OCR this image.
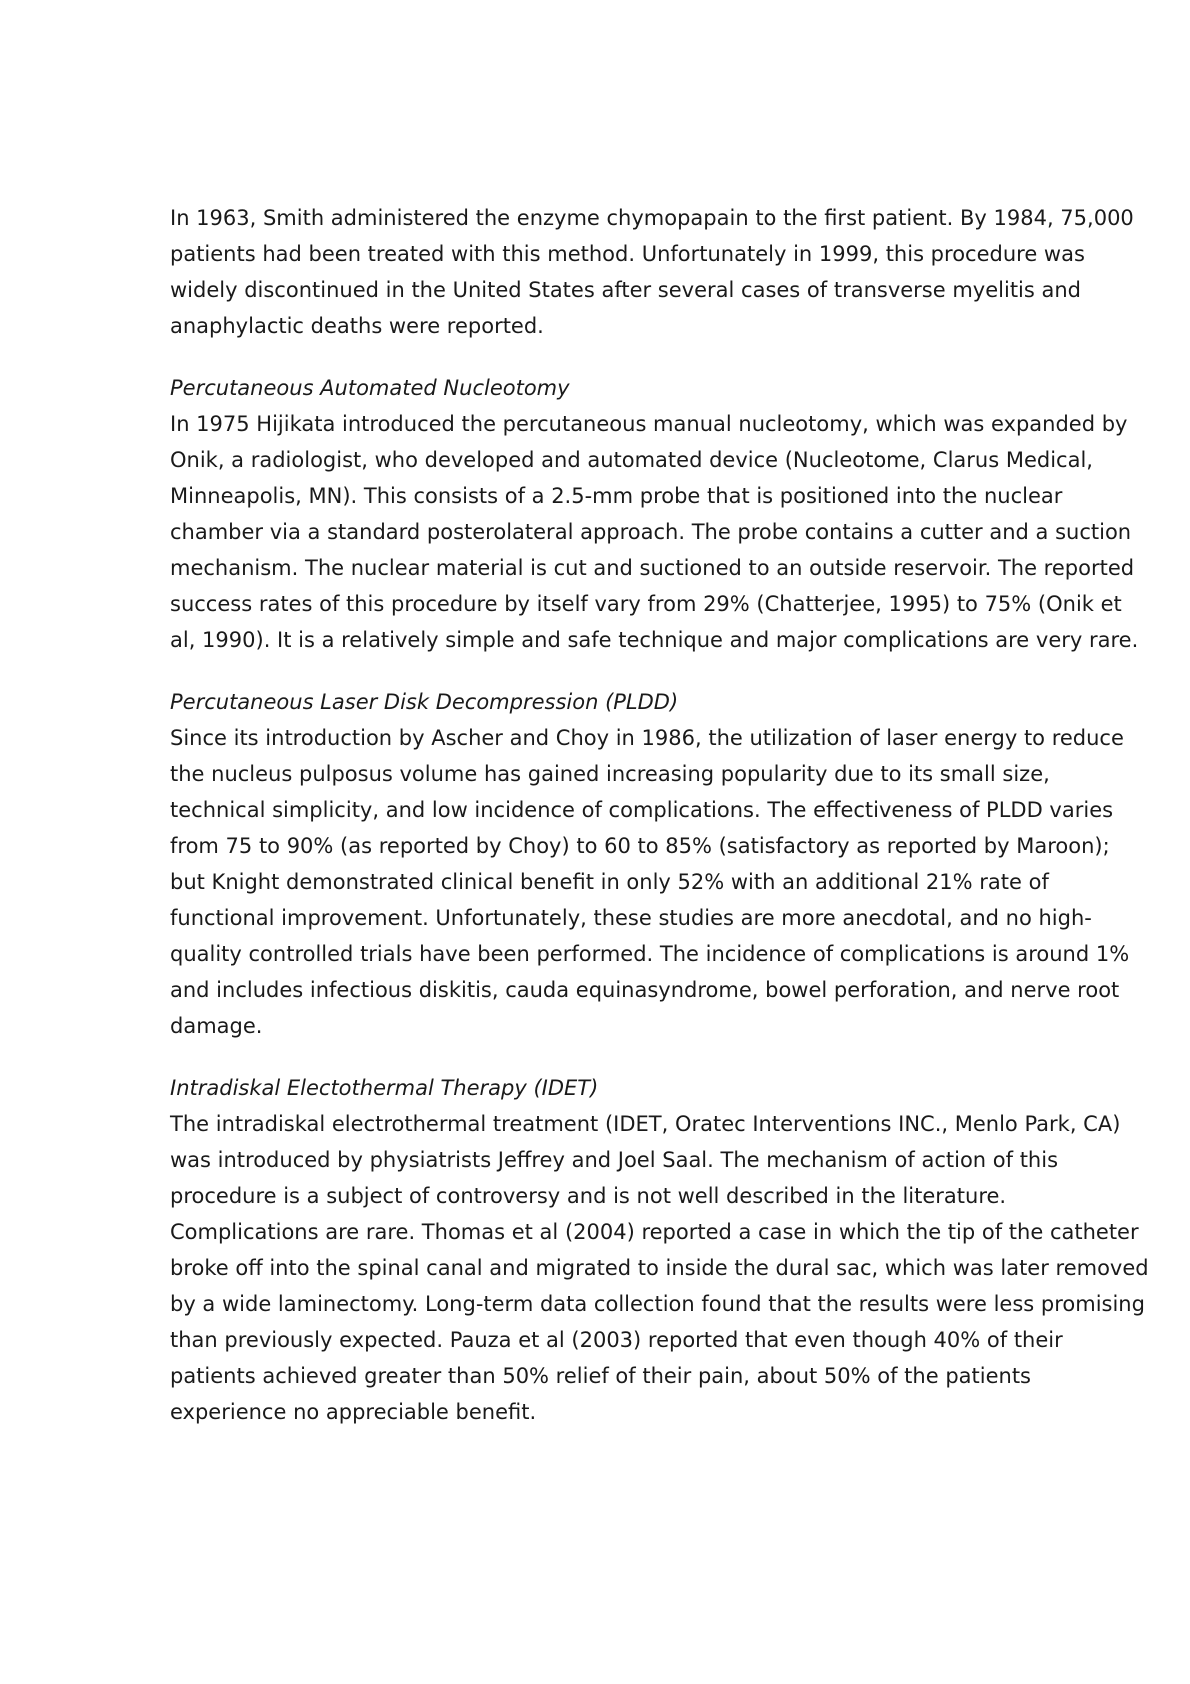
In 1963, Smith administered the enzyme chymopapain to the first patient. By 1984, 75,000 patients had been treated with this method. Unfortunately in 1999, this procedure was widely discontinued in the United States after several cases of transverse myelitis and anaphylactic deaths were reported.

Percutaneous Automated Nucleotomy

In 1975 Hijikata introduced the percutaneous manual nucleotomy, which was expanded by Onik, a radiologist, who developed and automated device (Nucleotome, Clarus Medical, Minneapolis, MN). This consists of a 2.5-mm probe that is positioned into the nuclear chamber via a standard posterolateral approach. The probe contains a cutter and a suction mechanism. The nuclear material is cut and suctioned to an outside reservoir. The reported success rates of this procedure by itself vary from 29% (Chatterjee, 1995) to 75% (Onik et al, 1990). It is a relatively simple and safe technique and major complications are very rare.

Percutaneous Laser Disk Decompression (PLDD)

Since its introduction by Ascher and Choy in 1986, the utilization of laser energy to reduce the nucleus pulposus volume has gained increasing popularity due to its small size, technical simplicity, and low incidence of complications. The effectiveness of PLDD varies from 75 to 90% (as reported by Choy) to 60 to 85% (satisfactory as reported by Maroon); but Knight demonstrated clinical benefit in only 52% with an additional 21% rate of functional improvement. Unfortunately, these studies are more anecdotal, and no high-quality controlled trials have been performed. The incidence of complications is around 1% and includes infectious diskitis, cauda equinasyndrome, bowel perforation, and nerve root damage.

Intradiskal Electothermal Therapy (IDET)

The intradiskal electrothermal treatment (IDET, Oratec Interventions INC., Menlo Park, CA) was introduced by physiatrists Jeffrey and Joel Saal. The mechanism of action of this procedure is a subject of controversy and is not well described in the literature. Complications are rare. Thomas et al (2004) reported a case in which the tip of the catheter broke off into the spinal canal and migrated to inside the dural sac, which was later removed by a wide laminectomy. Long-term data collection found that the results were less promising than previously expected. Pauza et al (2003) reported that even though 40% of their patients achieved greater than 50% relief of their pain, about 50% of the patients experience no appreciable benefit.
